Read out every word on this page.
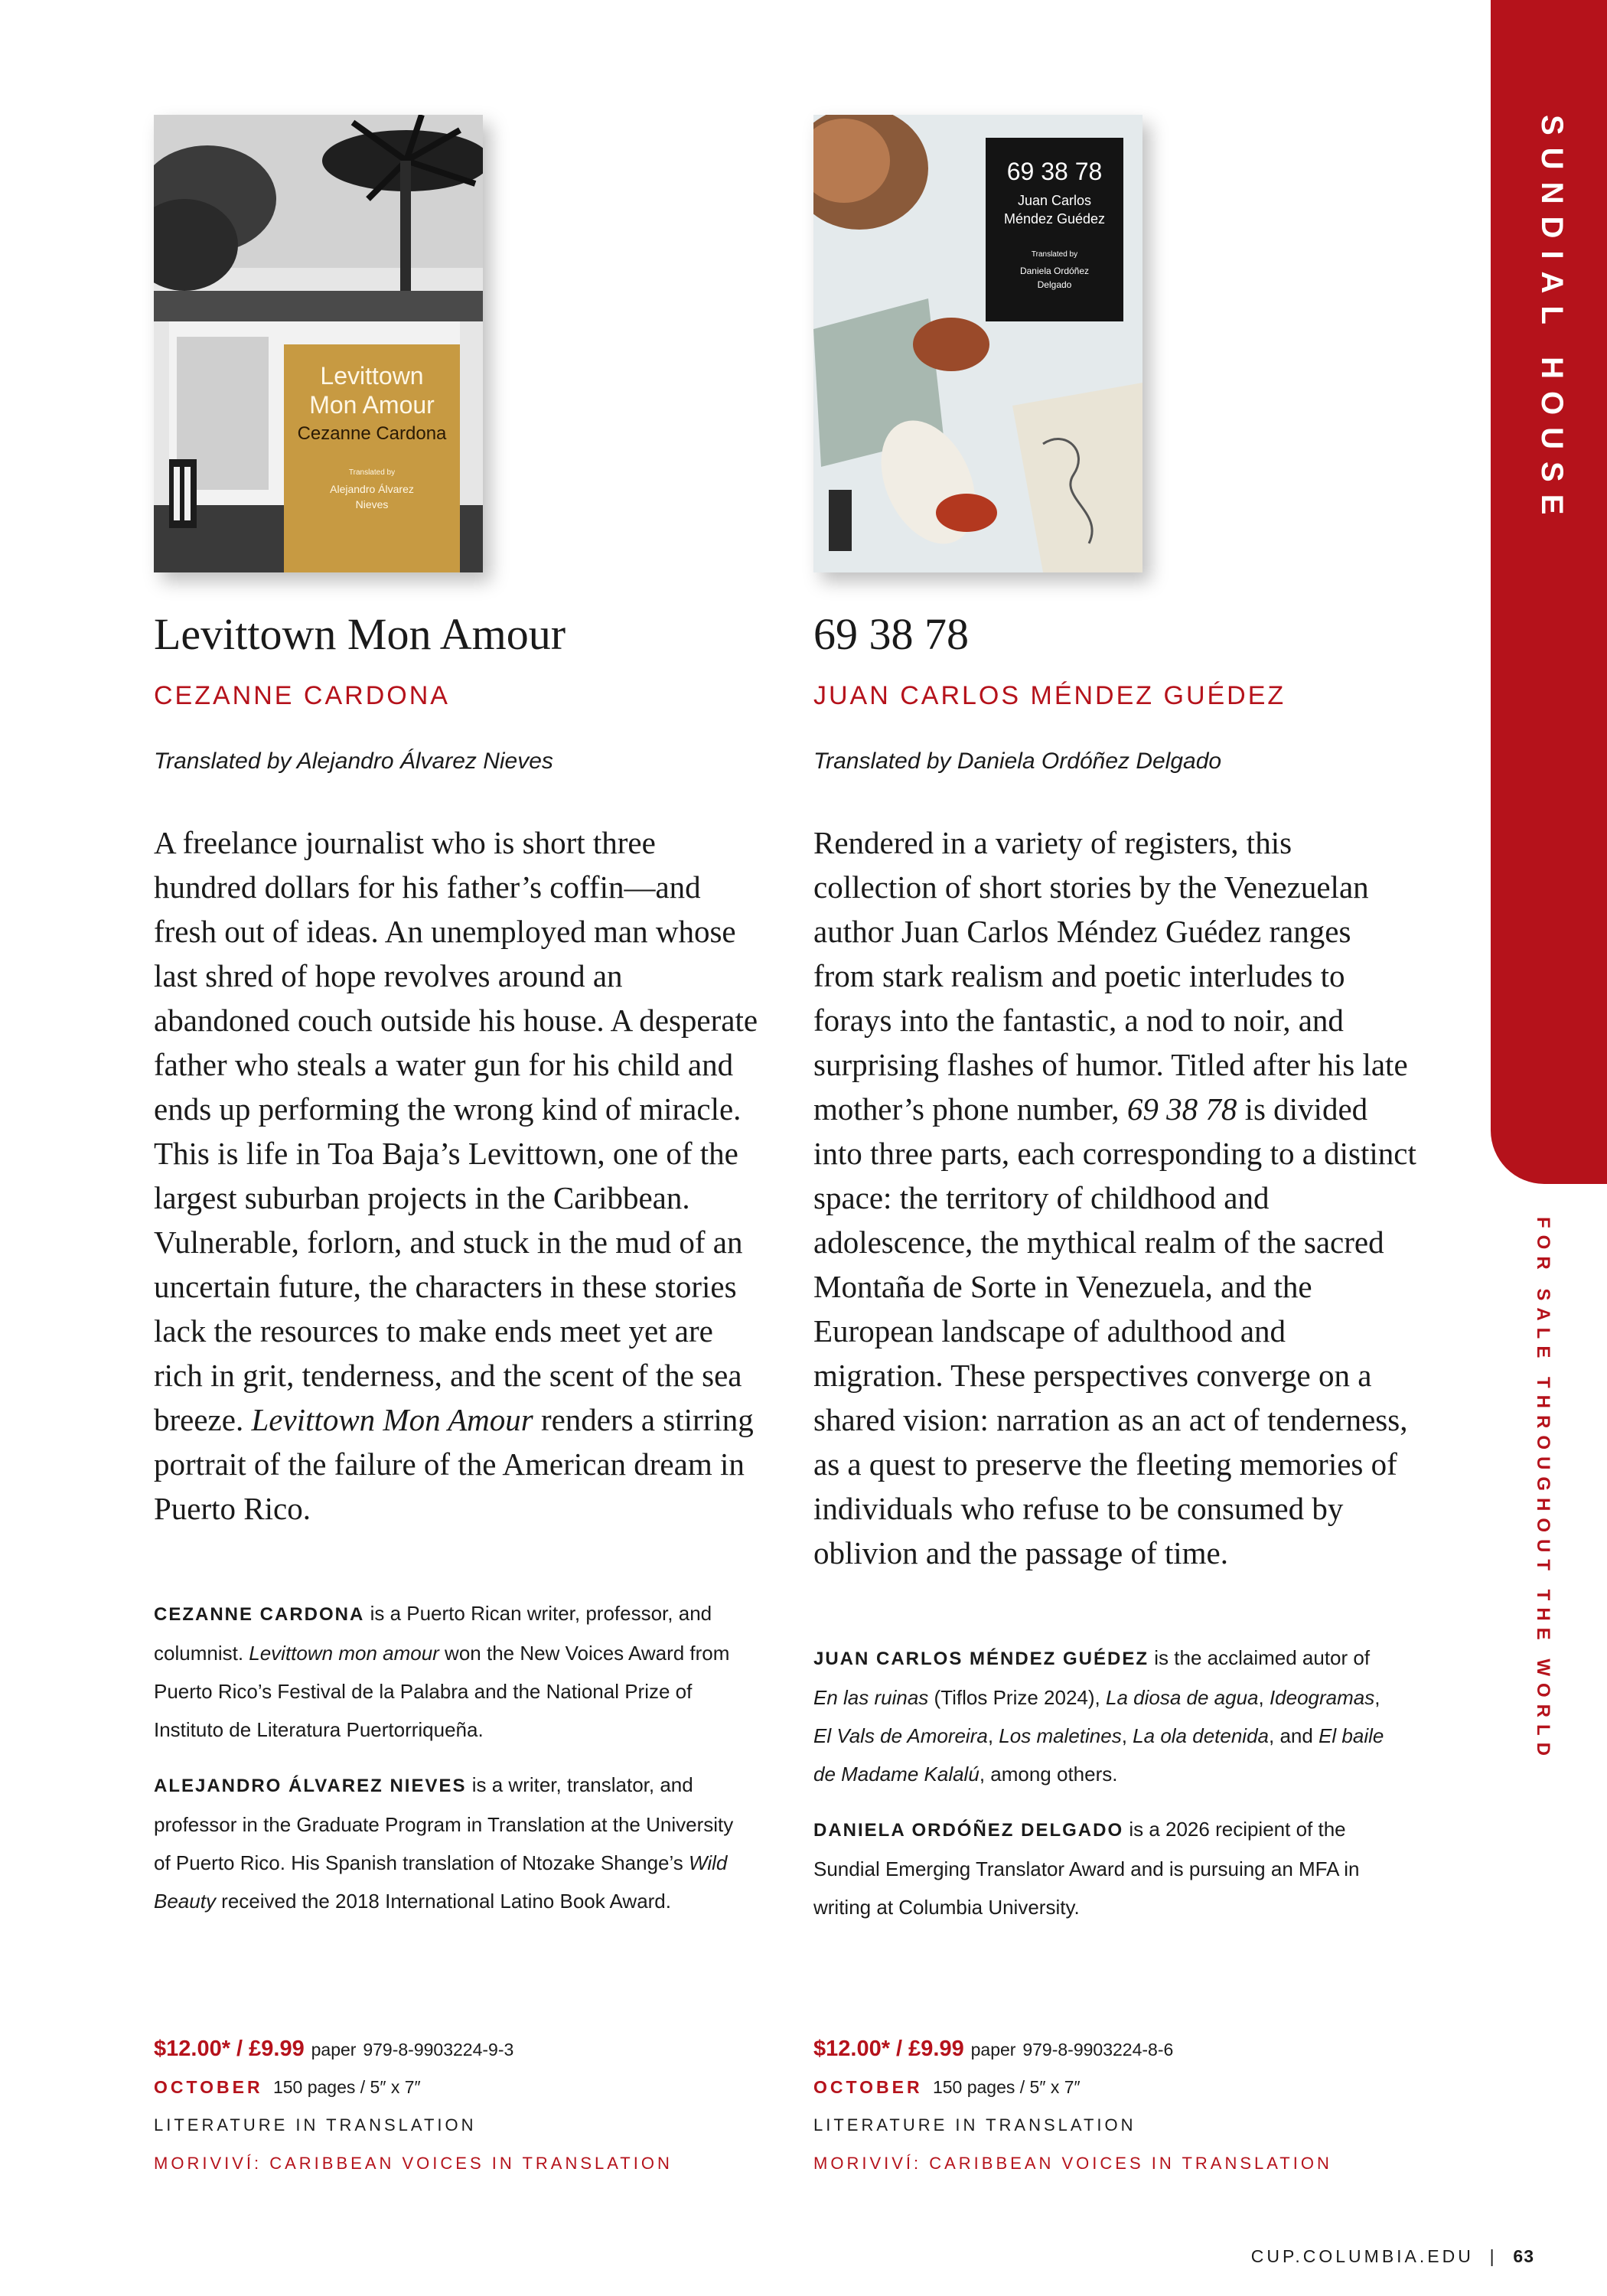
SUNDIAL HOUSE
FOR SALE THROUGHOUT THE WORLD
Levittown
Mon Amour
Cezanne Cardona
Translated by
Alejandro Álvarez
Nieves
Levittown Mon Amour
CEZANNE CARDONA
Translated by Alejandro Álvarez Nieves
A freelance journalist who is short three hundred dollars for his father’s coffin—and fresh out of ideas. An unemployed man whose last shred of hope revolves around an abandoned couch outside his house. A desperate father who steals a water gun for his child and ends up performing the wrong kind of miracle. This is life in Toa Baja’s Levittown, one of the largest suburban projects in the Caribbean. Vulnerable, forlorn, and stuck in the mud of an uncertain future, the characters in these stories lack the resources to make ends meet yet are rich in grit, tenderness, and the scent of the sea breeze. Levittown Mon Amour renders a stirring portrait of the failure of the American dream in Puerto Rico.

CEZANNE CARDONA is a Puerto Rican writer, professor, and columnist. Levittown mon amour won the New Voices Award from Puerto Rico’s Festival de la Palabra and the National Prize of Instituto de Literatura Puertorriqueña.

ALEJANDRO ÁLVAREZ NIEVES is a writer, translator, and professor in the Graduate Program in Translation at the University of Puerto Rico. His Spanish translation of Ntozake Shange’s Wild Beauty received the 2018 International Latino Book Award.

$12.00* / £9.99 paper 979-8-9903224-9-3
OCTOBER 150 pages / 5″ x 7″
LITERATURE IN TRANSLATION
MORIVIVÍ: CARIBBEAN VOICES IN TRANSLATION
69 38 78
Juan Carlos
Méndez Guédez
Translated by
Daniela Ordóñez
Delgado
69 38 78
JUAN CARLOS MÉNDEZ GUÉDEZ
Translated by Daniela Ordóñez Delgado
Rendered in a variety of registers, this collection of short stories by the Venezuelan author Juan Carlos Méndez Guédez ranges from stark realism and poetic interludes to forays into the fantastic, a nod to noir, and surprising flashes of humor. Titled after his late mother’s phone number, 69 38 78 is divided into three parts, each corresponding to a distinct space: the territory of childhood and adolescence, the mythical realm of the sacred Montaña de Sorte in Venezuela, and the European landscape of adulthood and migration. These perspectives converge on a shared vision: narration as an act of tenderness, as a quest to preserve the fleeting memories of individuals who refuse to be consumed by oblivion and the passage of time.

JUAN CARLOS MÉNDEZ GUÉDEZ is the acclaimed autor of En las ruinas (Tiflos Prize 2024), La diosa de agua, Ideogramas, El Vals de Amoreira, Los maletines, La ola detenida, and El baile de Madame Kalalú, among others.

DANIELA ORDÓÑEZ DELGADO is a 2026 recipient of the Sundial Emerging Translator Award and is pursuing an MFA in writing at Columbia University.

$12.00* / £9.99 paper 979-8-9903224-8-6
OCTOBER 150 pages / 5″ x 7″
LITERATURE IN TRANSLATION
MORIVIVÍ: CARIBBEAN VOICES IN TRANSLATION
CUP.COLUMBIA.EDU | 63
